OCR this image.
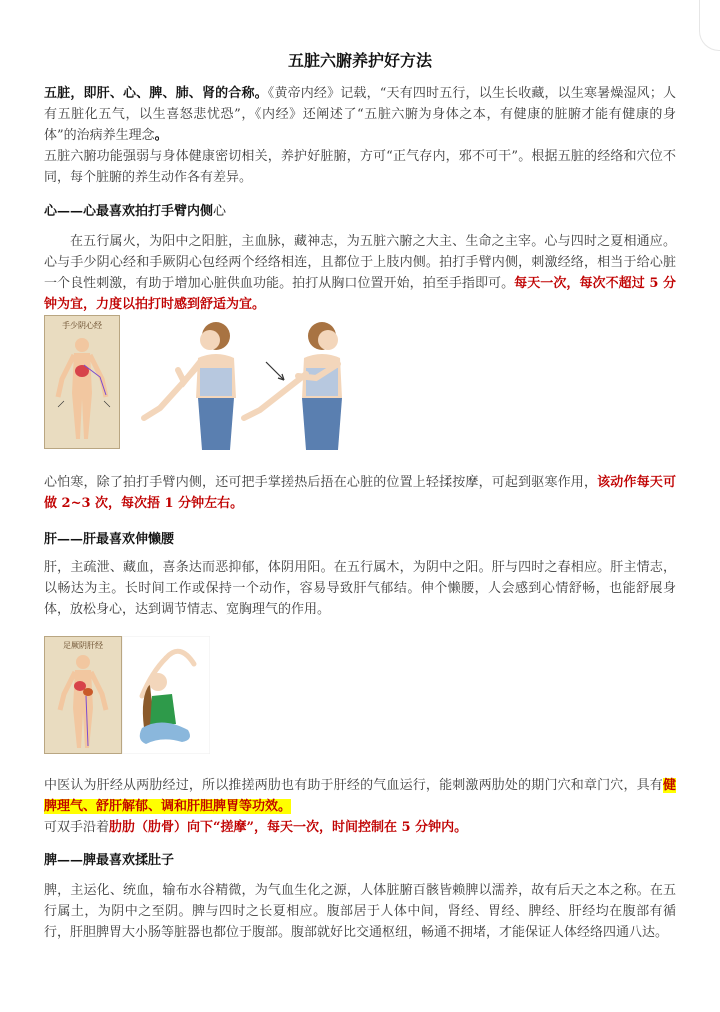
五脏六腑养护好方法
五脏，即肝、心、脾、肺、肾的合称。《黄帝内经》记载，“天有四时五行，以生长收藏，以生寒暑燥湿风；人有五脏化五气，以生喜怒悲忧恐”，《内经》还阐述了“五脏六腑为身体之本，有健康的脏腑才能有健康的身体”的治病养生理念。
五脏六腑功能强弱与身体健康密切相关，养护好脏腑，方可“正气存内，邪不可干”。根据五脏的经络和穴位不同，每个脏腑的养生动作各有差异。
心——心最喜欢拍打手臂内侧心
在五行属火，为阳中之阳脏，主血脉，藏神志，为五脏六腑之大主、生命之主宰。心与四时之夏相通应。 心与手少阴心经和手厥阴心包经两个经络相连，且都位于上肢内侧。拍打手臂内侧，刺激经络，相当于给心脏一个良性刺激，有助于增加心脏供血功能。拍打从胸口位置开始，拍至手指即可。每天一次，每次不超过 5 分钟为宜，力度以拍打时感到舒适为宜。
手少阴心经
心怕寒，除了拍打手臂内侧，还可把手掌搓热后捂在心脏的位置上轻揉按摩，可起到驱寒作用，该动作每天可做 2~3 次，每次捂 1 分钟左右。
肝——肝最喜欢伸懒腰
肝，主疏泄、藏血，喜条达而恶抑郁，体阴用阳。在五行属木，为阴中之阳。肝与四时之春相应。肝主情志，以畅达为主。长时间工作或保持一个动作，容易导致肝气郁结。伸个懒腰，人会感到心情舒畅，也能舒展身体，放松身心，达到调节情志、宽胸理气的作用。
足厥阴肝经
中医认为肝经从两肋经过，所以推搓两肋也有助于肝经的气血运行，能刺激两肋处的期门穴和章门穴，具有健脾理气、舒肝解郁、调和肝胆脾胃等功效。
可双手沿着肋肋（肋骨）向下“搓摩”，每天一次，时间控制在 5 分钟内。
脾——脾最喜欢揉肚子
脾，主运化、统血，输布水谷精微，为气血生化之源，人体脏腑百骸皆赖脾以濡养，故有后天之本之称。在五行属土，为阴中之至阴。脾与四时之长夏相应。腹部居于人体中间，肾经、胃经、脾经、肝经均在腹部有循行，肝胆脾胃大小肠等脏器也都位于腹部。腹部就好比交通枢纽，畅通不拥堵，才能保证人体经络四通八达。
